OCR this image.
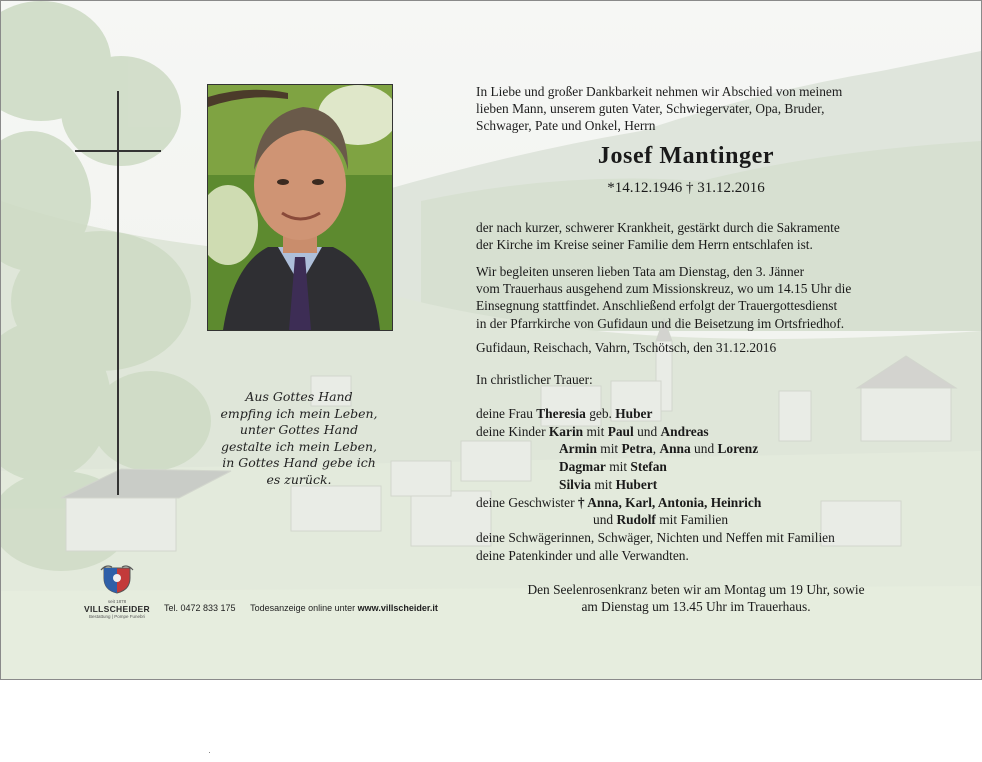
Aus Gottes Hand
empfing ich mein Leben,
unter Gottes Hand
gestalte ich mein Leben,
in Gottes Hand gebe ich
es zurück.

In Liebe und großer Dankbarkeit nehmen wir Abschied von meinem

lieben Mann, unserem guten Vater, Schwiegervater, Opa, Bruder,

Schwager, Pate und Onkel, Herrn

Josef Mantinger
*14.12.1946 † 31.12.2016
der nach kurzer, schwerer Krankheit, gestärkt durch die Sakramente
der Kirche im Kreise seiner Familie dem Herrn entschlafen ist.
Wir begleiten unseren lieben Tata am Dienstag, den 3. Jänner
vom Trauerhaus ausgehend zum Missionskreuz, wo um 14.15 Uhr die
Einsegnung stattfindet. Anschließend erfolgt der Trauergottesdienst
in der Pfarrkirche von Gufidaun und die Beisetzung im Ortsfriedhof.
Gufidaun, Reischach, Vahrn, Tschötsch, den 31.12.2016
In christlicher Trauer:
deine Frau Theresia geb. Huber
deine Kinder Karin mit Paul und Andreas
Armin mit Petra, Anna und Lorenz
Dagmar mit Stefan
Silvia mit Hubert
deine Geschwister † Anna, Karl, Antonia, Heinrich
und Rudolf mit Familien
deine Schwägerinnen, Schwäger, Nichten und Neffen mit Familien
deine Patenkinder und alle Verwandten.
Den Seelenrosenkranz beten wir am Montag um 19 Uhr, sowie
am Dienstag um 13.45 Uhr im Trauerhaus.
seit 1878
VILLSCHEIDER
Bestattung | Pompe Funebri
Tel. 0472 833 175 Todesanzeige online unter www.villscheider.it
